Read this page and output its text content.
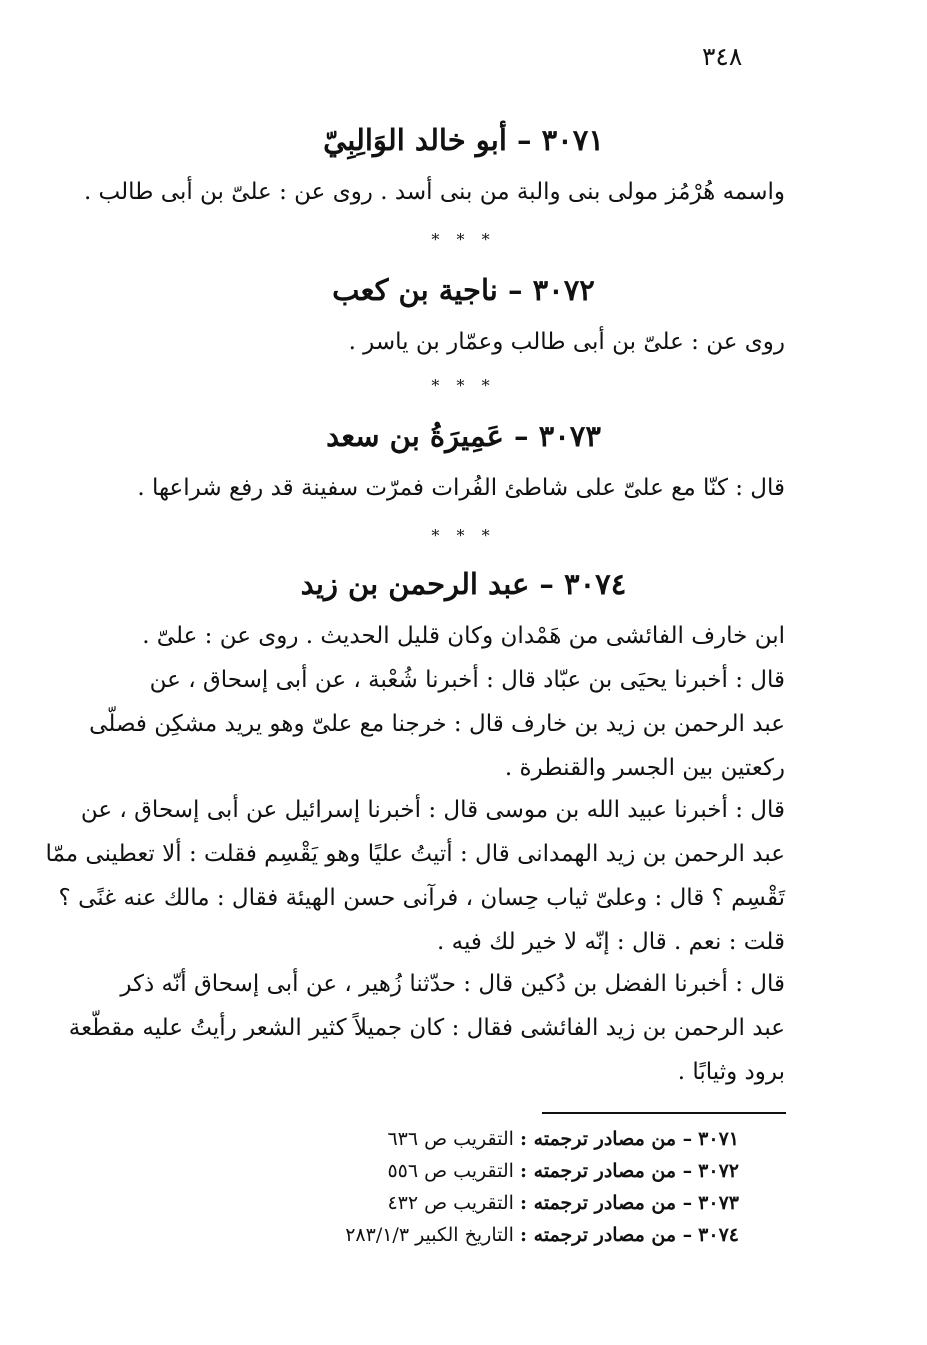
٣٤٨
٣٠٧١ – أبو خالد الوَالِبِيّ
واسمه هُرْمُز مولى بنى والبة من بنى أسد . روى عن : علىّ بن أبى طالب .
* * *
٣٠٧٢ – ناجية بن كعب
روى عن : علىّ بن أبى طالب وعمّار بن ياسر .
* * *
٣٠٧٣ – عَمِيرَةُ بن سعد
قال : كنّا مع علىّ على شاطئ الفُرات فمرّت سفينة قد رفع شراعها .
* * *
٣٠٧٤ – عبد الرحمن بن زيد
ابن خارف الفائشى من هَمْدان وكان قليل الحديث . روى عن : علىّ .
قال : أخبرنا يحيَى بن عبّاد قال : أخبرنا شُعْبة ، عن أبى إسحاق ، عن
عبد الرحمن بن زيد بن خارف قال : خرجنا مع علىّ وهو يريد مشكِن فصلّى
ركعتين بين الجسر والقنطرة .
قال : أخبرنا عبيد الله بن موسى قال : أخبرنا إسرائيل عن أبى إسحاق ، عن
عبد الرحمن بن زيد الهمدانى قال : أتيتُ عليًا وهو يَقْسِم فقلت : ألا تعطينى ممّا
تَقْسِم ؟ قال : وعلىّ ثياب حِسان ، فرآنى حسن الهيئة فقال : مالك عنه غنًى ؟
قلت : نعم . قال : إنّه لا خير لك فيه .
قال : أخبرنا الفضل بن دُكين قال : حدّثنا زُهير ، عن أبى إسحاق أنّه ذكر
عبد الرحمن بن زيد الفائشى فقال : كان جميلاً كثير الشعر رأيتُ عليه مقطّعة
برود وثيابًا .
٣٠٧١ – من مصادر ترجمته : التقريب ص ٦٣٦
٣٠٧٢ – من مصادر ترجمته : التقريب ص ٥٥٦
٣٠٧٣ – من مصادر ترجمته : التقريب ص ٤٣٢
٣٠٧٤ – من مصادر ترجمته : التاريخ الكبير ٢٨٣/١/٣
